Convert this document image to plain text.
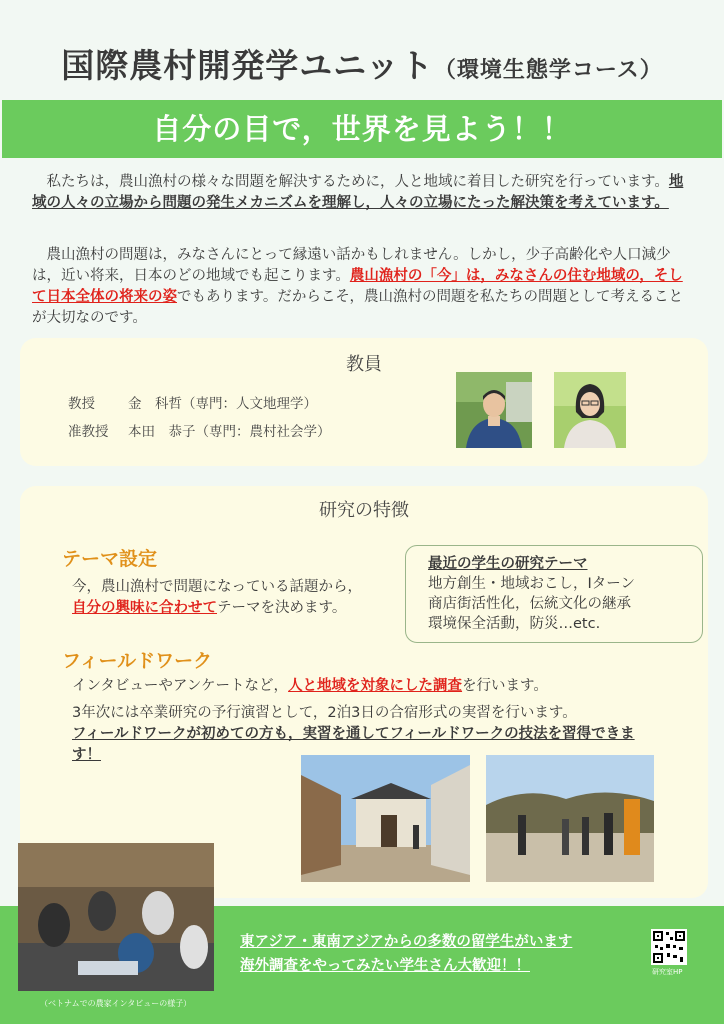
国際農村開発学ユニット（環境生態学コース）
自分の目で，世界を見よう！！

私たちは，農山漁村の様々な問題を解決するために，人と地域に着目した研究を行っています。地域の人々の立場から問題の発生メカニズムを理解し，人々の立場にたった解決策を考えています。

農山漁村の問題は，みなさんにとって縁遠い話かもしれません。しかし，少子高齢化や人口減少は，近い将来，日本のどの地域でも起こります。農山漁村の「今」は，みなさんの住む地域の，そして日本全体の将来の姿でもあります。だからこそ，農山漁村の問題を私たちの問題として考えることが大切なのです。

教員
教授 金　科哲（専門：人文地理学）
准教授 本田　恭子（専門：農村社会学）
研究の特徴
テーマ設定
今，農山漁村で問題になっている話題から，
自分の興味に合わせてテーマを決めます。
最近の学生の研究テーマ
地方創生・地域おこし，Iターン
商店街活性化，伝統文化の継承
環境保全活動，防災…etc.
フィールドワーク
インタビューやアンケートなど，人と地域を対象にした調査を行います。
3年次には卒業研究の予行演習として，2泊3日の合宿形式の実習を行います。
フィールドワークが初めての方も，実習を通してフィールドワークの技法を習得できます！
（ベトナムでの農家インタビューの様子）
東アジア・東南アジアからの多数の留学生がいます
海外調査をやってみたい学生さん大歓迎！！	研究室HP
